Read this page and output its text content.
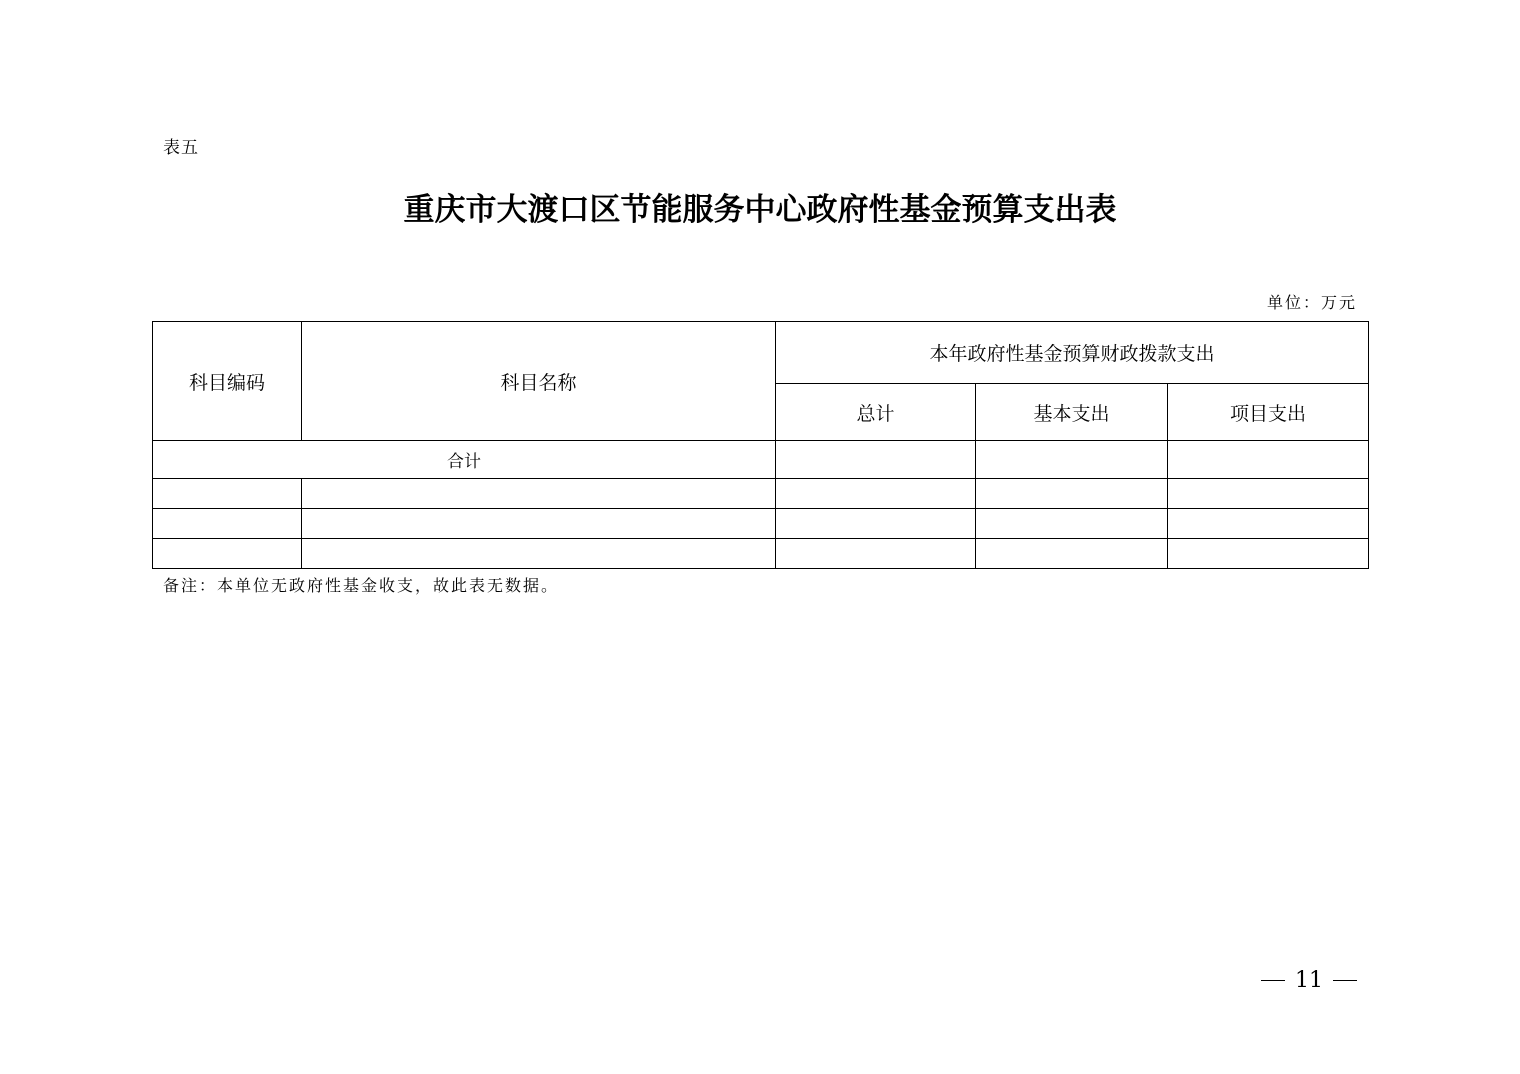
表五
重庆市大渡口区节能服务中心政府性基金预算支出表
单位：万元
科目编码	科目名称	本年政府性基金预算财政拨款支出		
		总计	基本支出	项目支出
合计				

备注：本单位无政府性基金收支，故此表无数据。
11
